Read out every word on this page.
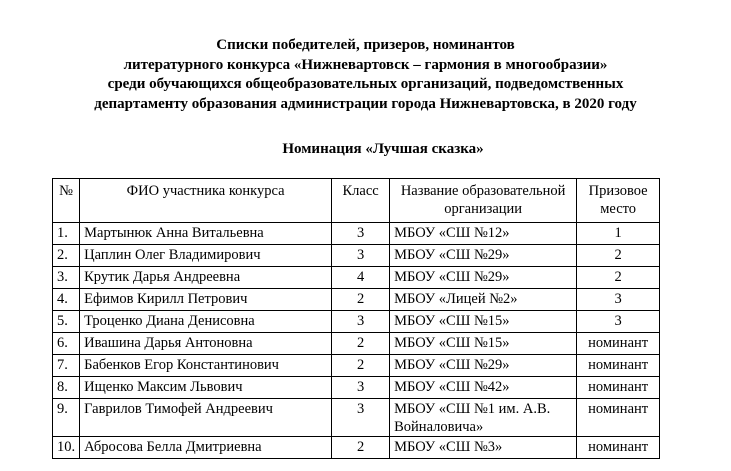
Списки победителей, призеров, номинантов
литературного конкурса «Нижневартовск – гармония в многообразии»
среди обучающихся общеобразовательных организаций, подведомственных
департаменту образования администрации города Нижневартовска, в 2020 году
Номинация «Лучшая сказка»
№	ФИО участника конкурса	Класс	Название образовательной организации	Призовое место
1.	Мартынюк Анна Витальевна	3	МБОУ «СШ №12»	1
2.	Цаплин Олег Владимирович	3	МБОУ «СШ №29»	2
3.	Крутик Дарья Андреевна	4	МБОУ «СШ №29»	2
4.	Ефимов Кирилл Петрович	2	МБОУ «Лицей №2»	3
5.	Троценко Диана Денисовна	3	МБОУ «СШ №15»	3
6.	Ивашина Дарья Антоновна	2	МБОУ «СШ №15»	номинант
7.	Бабенков Егор Константинович	2	МБОУ «СШ №29»	номинант
8.	Ищенко Максим Львович	3	МБОУ «СШ №42»	номинант
9.	Гаврилов Тимофей Андреевич	3	МБОУ «СШ №1 им. А.В. Войналовича»	номинант
10.	Абросова Белла Дмитриевна	2	МБОУ «СШ №3»	номинант
